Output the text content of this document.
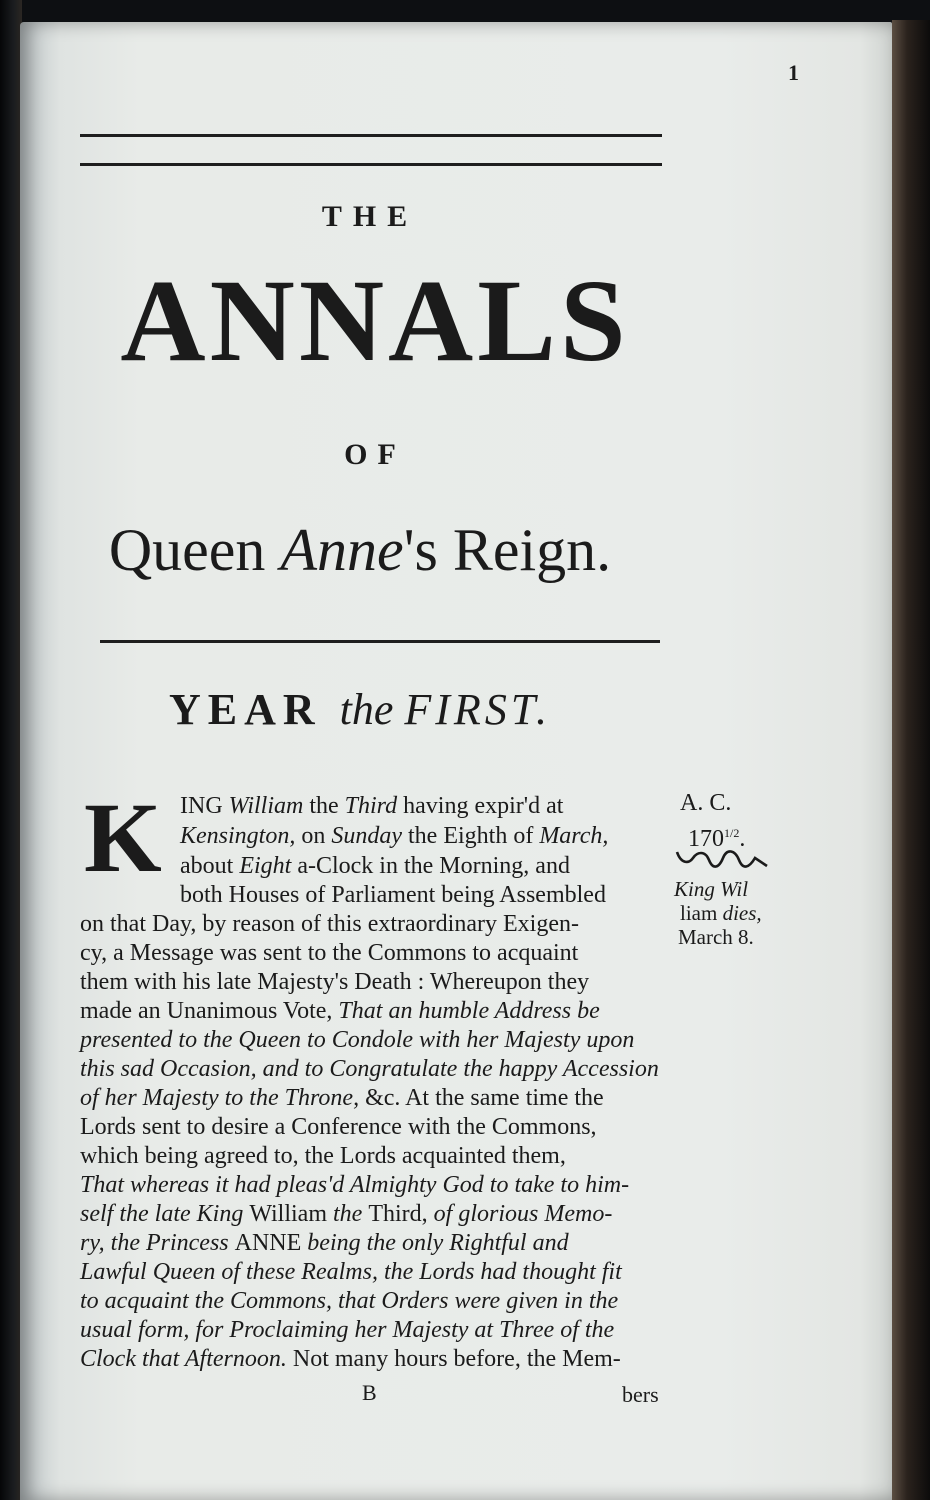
1
THE
ANNALS
OF
Queen Anne's Reign.
YEAR the FIRST.
K ING William the Third having expir'd at
Kensington, on Sunday the Eighth of March,
about Eight a-Clock in the Morning, and
both Houses of Parliament being Assembled
on that Day, by reason of this extraordinary Exigen-
cy, a Message was sent to the Commons to acquaint
them with his late Majesty's Death : Whereupon they
made an Unanimous Vote, That an humble Address be
presented to the Queen to Condole with her Majesty upon
this sad Occasion, and to Congratulate the happy Accession
of her Majesty to the Throne, &c. At the same time the
Lords sent to desire a Conference with the Commons,
which being agreed to, the Lords acquainted them,
That whereas it had pleas'd Almighty God to take to him-
self the late King William the Third, of glorious Memo-
ry, the Princess ANNE being the only Rightful and
Lawful Queen of these Realms, the Lords had thought fit
to acquaint the Commons, that Orders were given in the
usual form, for Proclaiming her Majesty at Three of the
Clock that Afternoon. Not many hours before, the Mem-
B	bers
A. C.
$170^{1/2}$.
King Wil
liam dies,
March 8.
